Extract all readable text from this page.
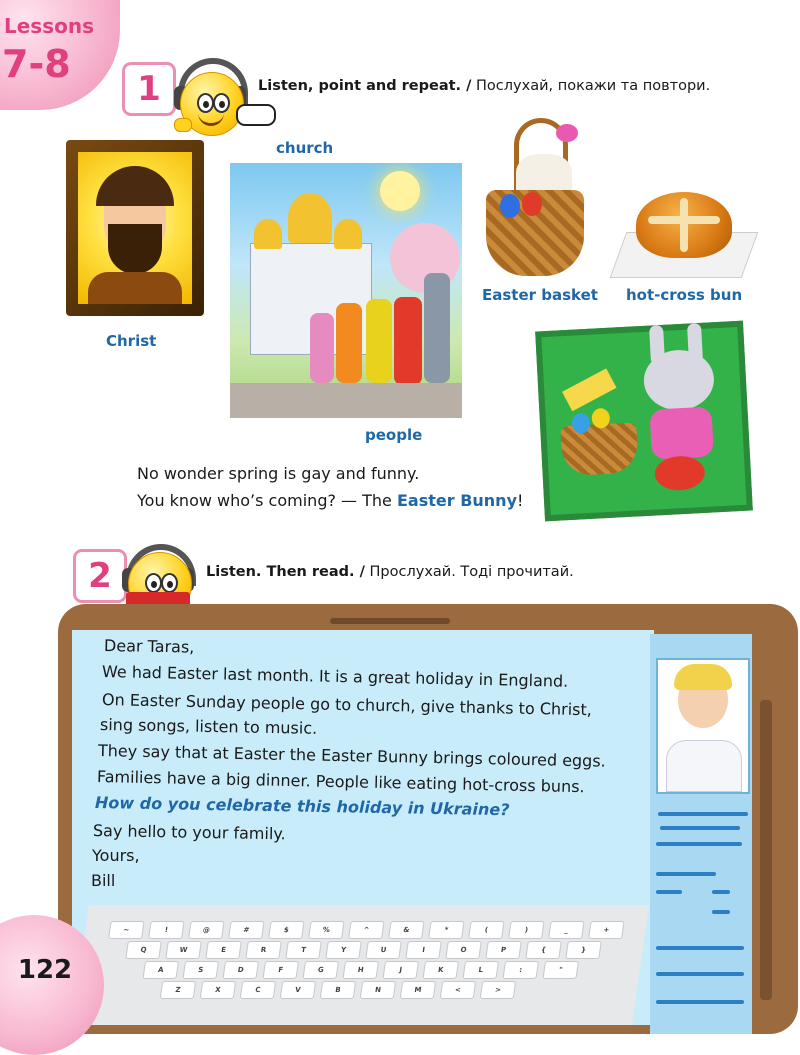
Lessons
7-8
1	Listen, point and repeat. / Послухай, покажи та повтори.
Christ
church
people
Easter basket hot-cross bun
No wonder spring is gay and funny.
You know who’s coming? — The Easter Bunny!
2	Listen. Then read. / Прослухай. Тоді прочитай.
Dear Taras,
We had Easter last month. It is a great holiday in England.
On Easter Sunday people go to church, give thanks to Christ,
sing songs, listen to music.
They say that at Easter the Easter Bunny brings coloured eggs.
Families have a big dinner. People like eating hot-cross buns.
How do you celebrate this holiday in Ukraine?
Say hello to your family.
Yours,
Bill
~	!	@	#	$	%	^	&	*	(	)	_	+
Q	W	E	R	T	Y	U	I	O	P	{	}
A	S	D	F	G	H	J	K	L	:	"
Z	X	C	V	B	N	M	<	>
122
